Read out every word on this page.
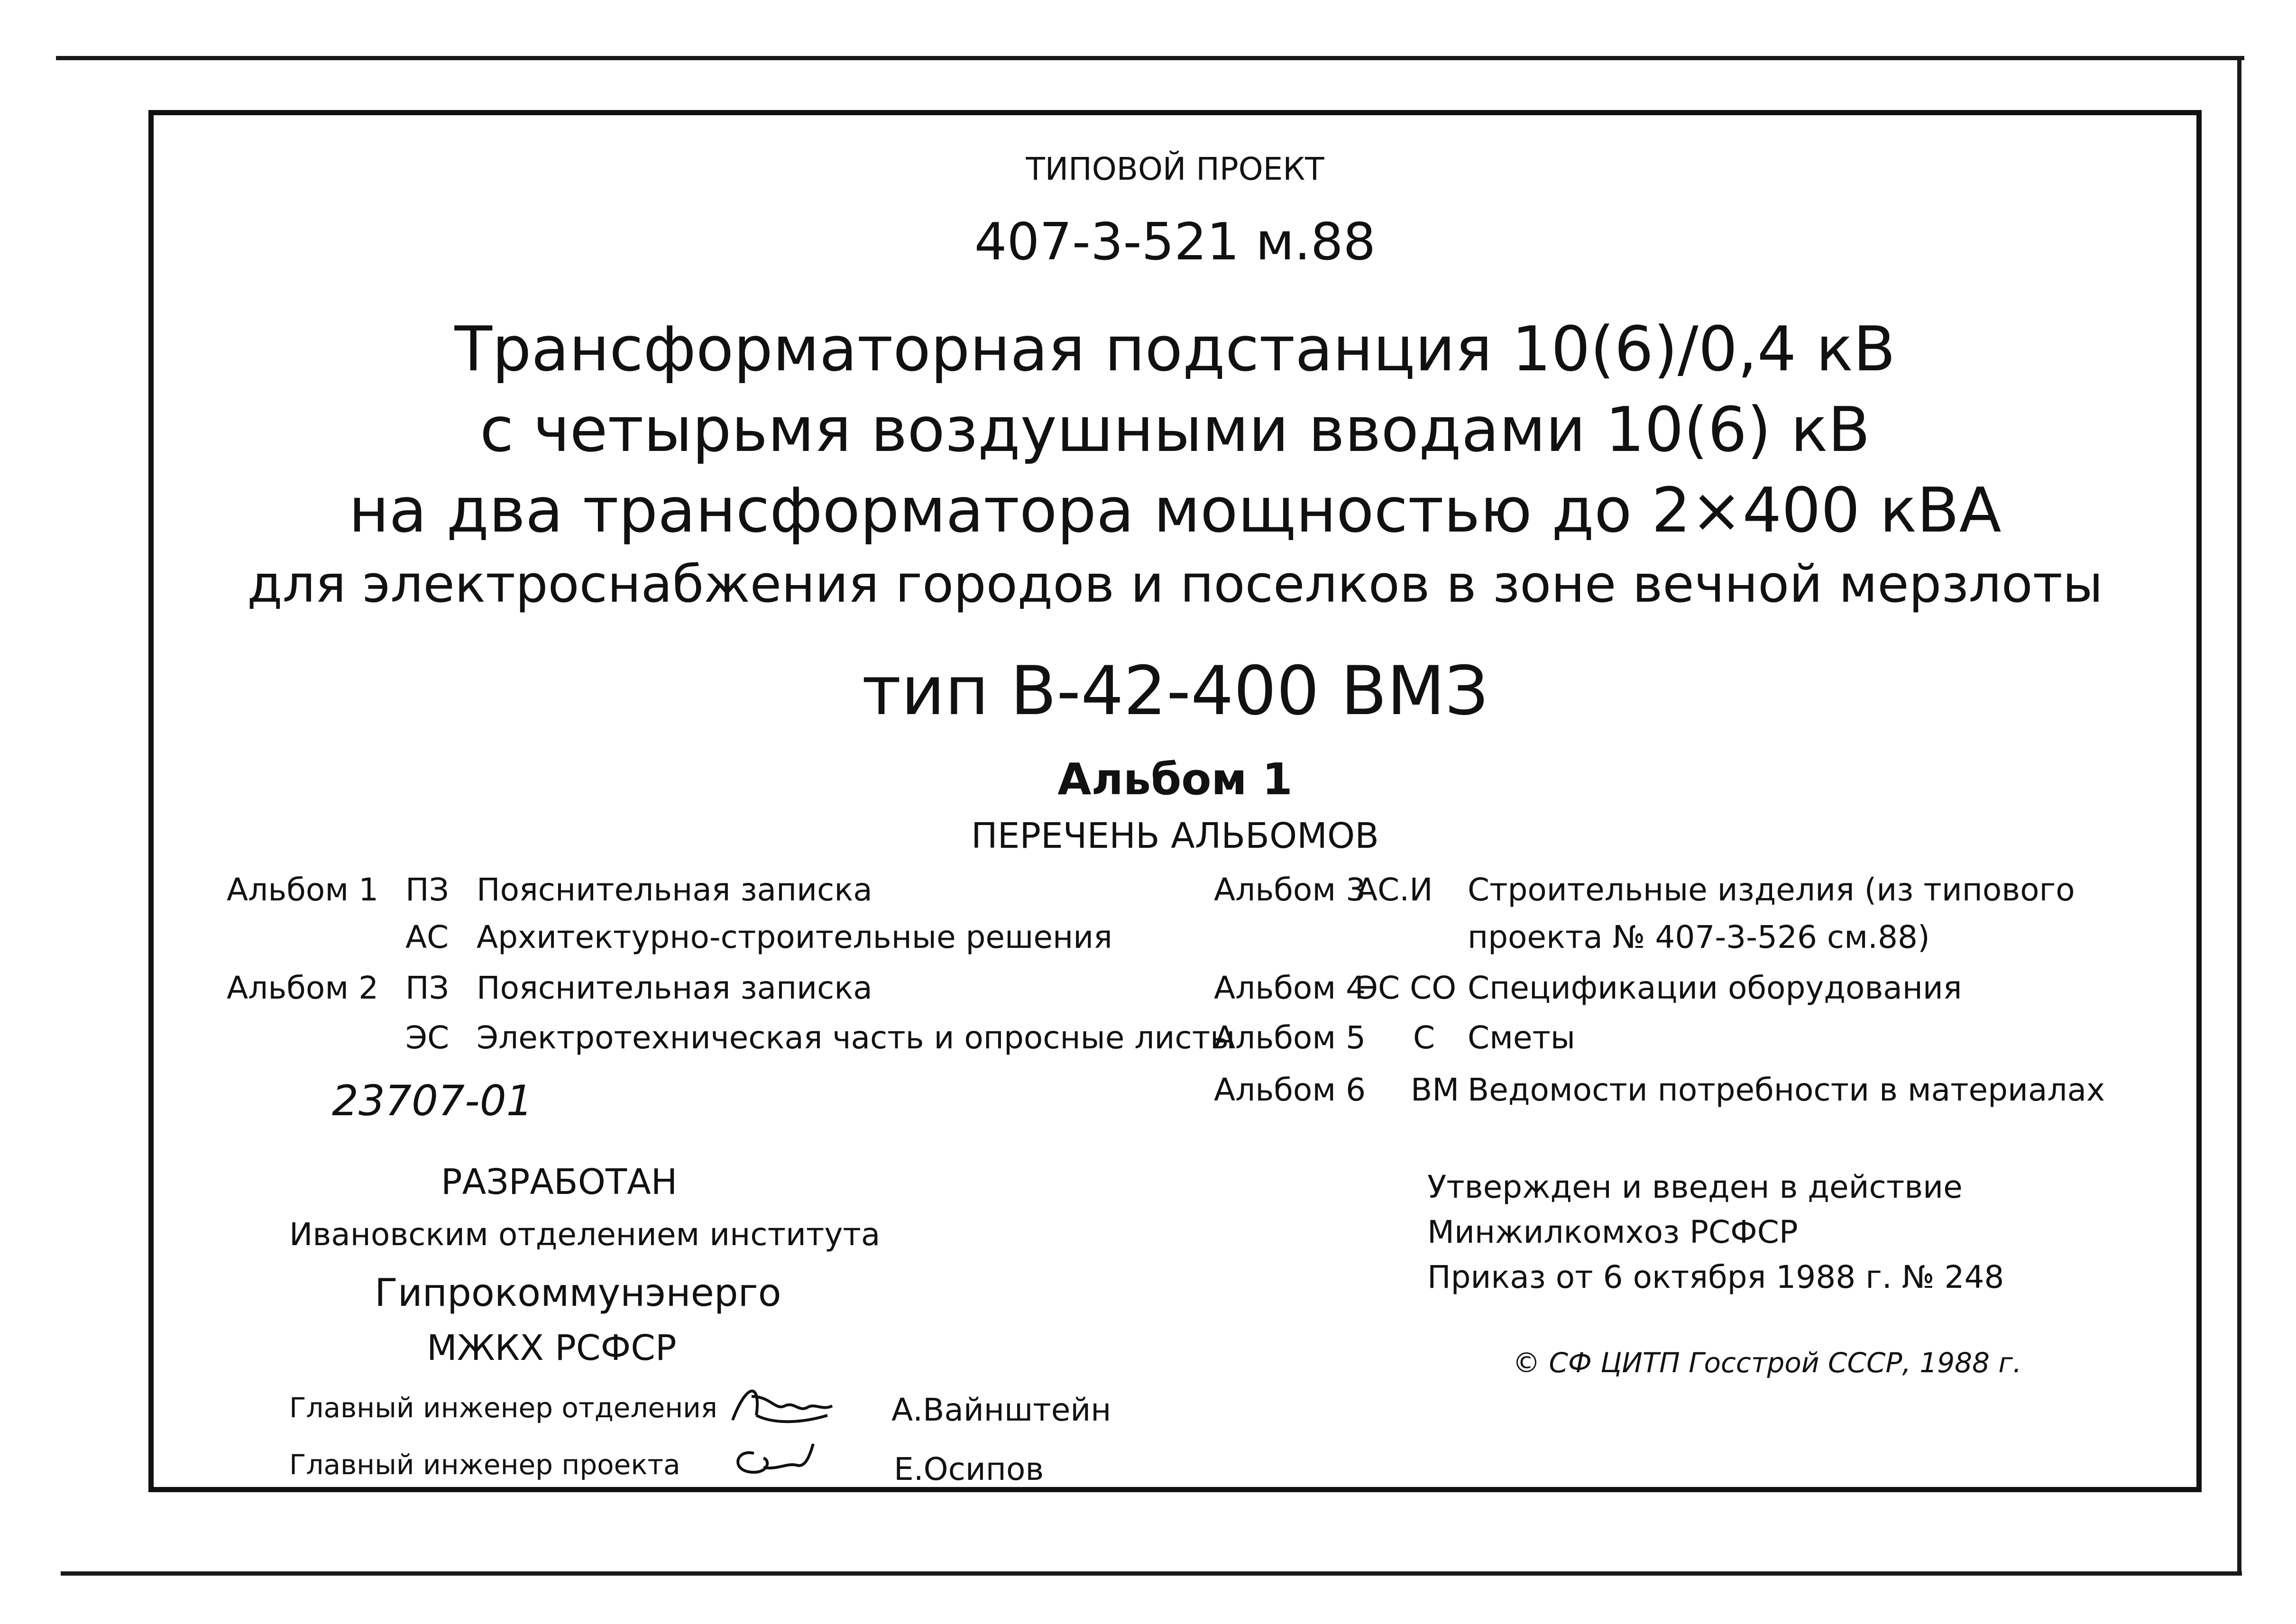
ТИПОВОЙ ПРОЕКТ
407-3-521 м.88
Трансформаторная подстанция 10(6)/0,4 кВ
с четырьмя воздушными вводами 10(6) кВ
на два трансформатора мощностью до 2×400 кВА
для электроснабжения городов и поселков в зоне вечной мерзлоты
тип В-42-400 ВМЗ
Альбом 1
ПЕРЕЧЕНЬ АЛЬБОМОВ
Альбом 1 ПЗ Пояснительная записка
АС Архитектурно-строительные решения
Альбом 2 ПЗ Пояснительная записка
ЭС Электротехническая часть и опросные листы
Альбом 3
АС.И Строительные изделия (из типового
проекта № 407-3-526 см.88)
Альбом 4
ЭС СО Спецификации оборудования
Альбом 5 С Сметы
Альбом 6 ВМ Ведомости потребности в материалах
23707-01
РАЗРАБОТАН
Ивановским отделением института
Гипрокоммунэнерго
МЖКХ РСФСР
Главный инженер отделения	А.Вайнштейн
Главный инженер проекта	Е.Осипов
Утвержден и введен в действие
Минжилкомхоз РСФСР
Приказ от 6 октября 1988 г. № 248
© СФ ЦИТП Госстрой СССР, 1988 г.
